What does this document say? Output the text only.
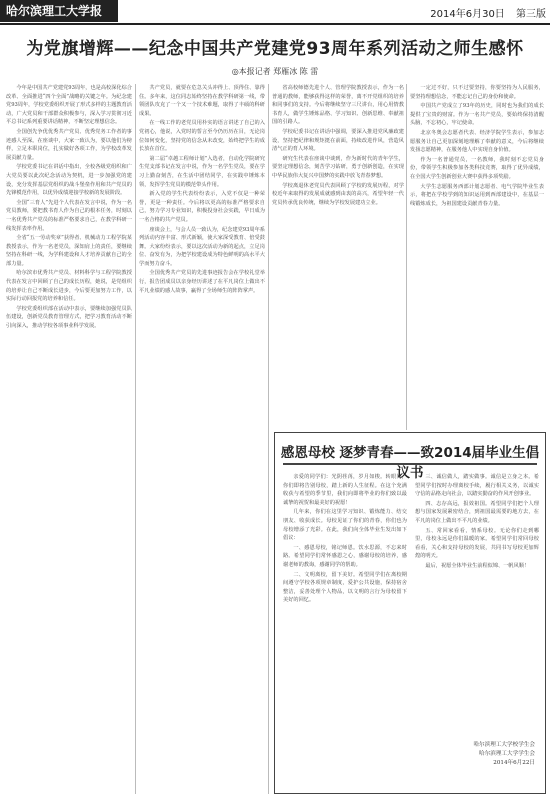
哈尔滨理工大学报	2014年6月30日 第三版
为党旗增辉——纪念中国共产党建党93周年系列活动之师生感怀
◎本报记者 郑雁冰 陈 雷

今年是中国共产党建党93周年，也是高校深化综合改革、全面推进“四个全面”战略的关键之年。为纪念建党93周年，学校党委组织开展了形式多样的主题教育活动，广大党员和干部群众积极参与，深入学习贯彻习近平总书记系列重要讲话精神，不断坚定理想信念。

全国创先争优优秀共产党员、优秀党务工作者的事迹感人至深。在座谈中，大家一致认为，要以他们为榜样，立足本职岗位，扎实做好各项工作，为学校改革发展贡献力量。

学校党委书记在讲话中指出，全校各级党组织和广大党员要以此次纪念活动为契机，进一步加强党的建设，充分发挥基层党组织的战斗堡垒作用和共产党员的先锋模范作用，以优异成绩迎接学校新的发展阶段。

全国“三育人”先进个人代表在发言中说，作为一名党员教师，要把教书育人作为自己的根本任务，时刻以一名优秀共产党员的标准严格要求自己，在教学科研一线发挥表率作用。

全省“五一劳动奖章”获得者、机械动力工程学院某教授表示，作为一名老党员，深知肩上的责任，要继续坚持在科研一线，为学科建设和人才培养贡献自己的全部力量。

哈尔滨市优秀共产党员、材料科学与工程学院教授代表在发言中回顾了自己的成长历程，她说，是党组织的培养让自己不断成长进步，今后要更加努力工作，以实际行动回报党的培养和信任。

学校党委组织部在活动中表示，要继续加强党员队伍建设，创新党员教育管理方式，把学习教育活动不断引向深入，推动学校各项事业科学发展。

共产党员，就要在危急关头冲得上、顶得住、靠得住。多年来，这位同志始终坚持在教学科研第一线，带领团队攻克了一个又一个技术难题，取得了丰硕的科研成果。

在一线工作的老党员用朴实的语言讲述了自己的入党初心，他说，入党时的誓言至今仍历历在目，无论岗位如何变化，坚持党的信念从未改变，始终把学生的成长放在首位。

第二届“卓越工程师计划”入选者，自动化学院研究生党支部书记在发言中说，作为一名学生党员，要在学习上勤奋刻苦，在生活中团结同学，在实践中锤炼本领，发挥学生党员的模范带头作用。

新入党的学生代表纷纷表示，入党不仅是一种荣誉，更是一种责任。今后将以更高的标准严格要求自己，努力学习专业知识，积极投身社会实践，早日成为一名合格的共产党员。

座谈会上，与会人员一致认为，纪念建党93周年系列活动内容丰富、形式新颖，使大家深受教育、倍受鼓舞。大家纷纷表示，要以这次活动为新的起点，立足岗位、奋发有为，为把学校建设成为特色鲜明的高水平大学而努力奋斗。

全国优秀共产党员的先进事迹报告会在学校礼堂举行，报告团成员以亲身经历讲述了在平凡岗位上做出不平凡业绩的感人故事，赢得了全场师生的阵阵掌声。

省高校师德先进个人、管理学院教授表示，作为一名普通的教师，能够获得这样的荣誉，离不开党组织的培养和同事们的支持。今后将继续坚守三尺讲台，用心用情教书育人，做学生锤炼品格、学习知识、创新思维、奉献祖国的引路人。

学校纪委书记在讲话中强调，要深入推进党风廉政建设，坚持把纪律和规矩挺在前面，持续改进作风，营造风清气正的育人环境。

研究生代表在座谈中谈到，作为新时代的青年学生，要坚定理想信念，刻苦学习钻研，勇于创新创造，在实现中华民族伟大复兴中国梦的实践中放飞青春梦想。

学校离退休老党员代表回顾了学校的发展历程，对学校近年来取得的发展成就感到由衷的高兴，希望年轻一代党员传承优良传统，继续为学校发展建功立业。

一定过不好，只不过要坚持，你要坚持为人民服务，要坚持理想信念，不能忘记自己的身份和使命。

中国共产党成立了93年的历史，同时也为我们的成长提供了宝贵的财富。作为一名共产党员，要始终保持清醒头脑，不忘初心，牢记使命。

北京冬奥会志愿者代表、经济学院学生表示，参加志愿服务让自己更加深刻地理解了奉献的意义，今后将继续发扬志愿精神，在服务他人中实现自身价值。

作为一名普通党员，一名教师，我时刻不忘党员身份，带领学生积极参加各类科技竞赛，取得了优异成绩，在全国大学生创新创业大赛中获得多项奖励。

大学生志愿服务西部计划志愿者、电气学院毕业生表示，将把在学校学到的知识运用到西部建设中，在基层一线锻炼成长，为祖国建设贡献青春力量。

感恩母校 逐梦青春——致2014届毕业生倡议书

亲爱的同学们：光阴荏苒，岁月如梭。转眼间，你们即将告别母校，踏上新的人生征程。在这个充满收获与希望的季节里，我们向即将毕业的你们致以最诚挚的祝贺和最美好的祝愿！

几年来，你们在这里学习知识、锻炼能力、结交朋友、收获成长。母校见证了你们的青春，你们也为母校增添了光彩。在此，我们向全体毕业生发出如下倡议：

一、感恩母校，铭记师恩。饮水思源，不忘来时路。希望同学们常怀感恩之心，感谢母校的培养，感谢老师的教诲，感谢同学的帮助。

二、文明离校，留下美好。希望同学们在离校期间遵守学校各项规章制度，爱护公共设施，保持宿舍整洁，妥善处理个人物品，以文明的言行为母校留下美好的回忆。

三、诚信做人，踏实做事。诚信是立身之本。希望同学们按时办理离校手续，履行相关义务，以诚实守信的品格走向社会，以踏实勤奋的作风开创事业。

四、志存高远，报效祖国。希望同学们把个人理想与国家发展紧密结合，到祖国最需要的地方去，在平凡的岗位上做出不平凡的业绩。

五、常回家看看，情系母校。无论你们走到哪里，母校永远是你们温暖的家。希望同学们常回母校看看，关心和支持母校的发展，共同书写母校更加辉煌的明天。

最后，祝愿全体毕业生前程似锦、一帆风顺！

哈尔滨理工大学校学生会
哈尔滨理工大学学生会
2014年6月22日
